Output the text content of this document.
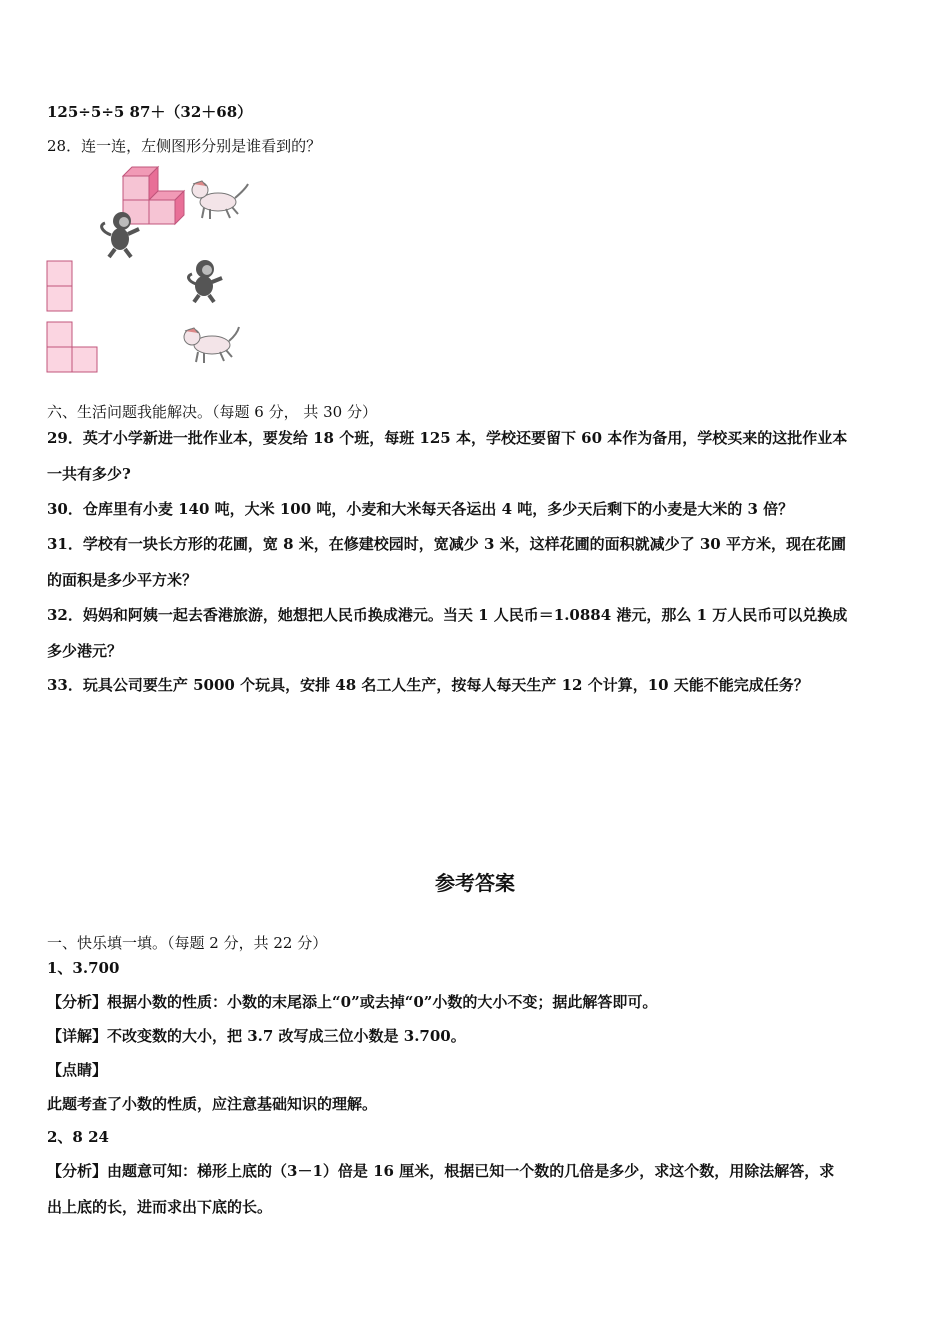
125÷5÷5 87＋（32＋68）
28．连一连，左侧图形分别是谁看到的？
六、生活问题我能解决。（每题 6 分， 共 30 分）
29．英才小学新进一批作业本，要发给 18 个班，每班 125 本，学校还要留下 60 本作为备用，学校买来的这批作业本
一共有多少?
30．仓库里有小麦 140 吨，大米 100 吨，小麦和大米每天各运出 4 吨，多少天后剩下的小麦是大米的 3 倍？
31．学校有一块长方形的花圃，宽 8 米，在修建校园时，宽减少 3 米，这样花圃的面积就减少了 30 平方米，现在花圃
的面积是多少平方米？
32．妈妈和阿姨一起去香港旅游，她想把人民币换成港元。当天 1 人民币＝1.0884 港元，那么 1 万人民币可以兑换成
多少港元？
33．玩具公司要生产 5000 个玩具，安排 48 名工人生产，按每人每天生产 12 个计算，10 天能不能完成任务？
参考答案
一、快乐填一填。（每题 2 分，共 22 分）
1、3.700
【分析】根据小数的性质：小数的末尾添上“0”或去掉“0”小数的大小不变；据此解答即可。
【详解】不改变数的大小，把 3.7 改写成三位小数是 3.700。
【点睛】
此题考查了小数的性质，应注意基础知识的理解。
2、8 24
【分析】由题意可知：梯形上底的（3－1）倍是 16 厘米，根据已知一个数的几倍是多少，求这个数，用除法解答，求
出上底的长，进而求出下底的长。
